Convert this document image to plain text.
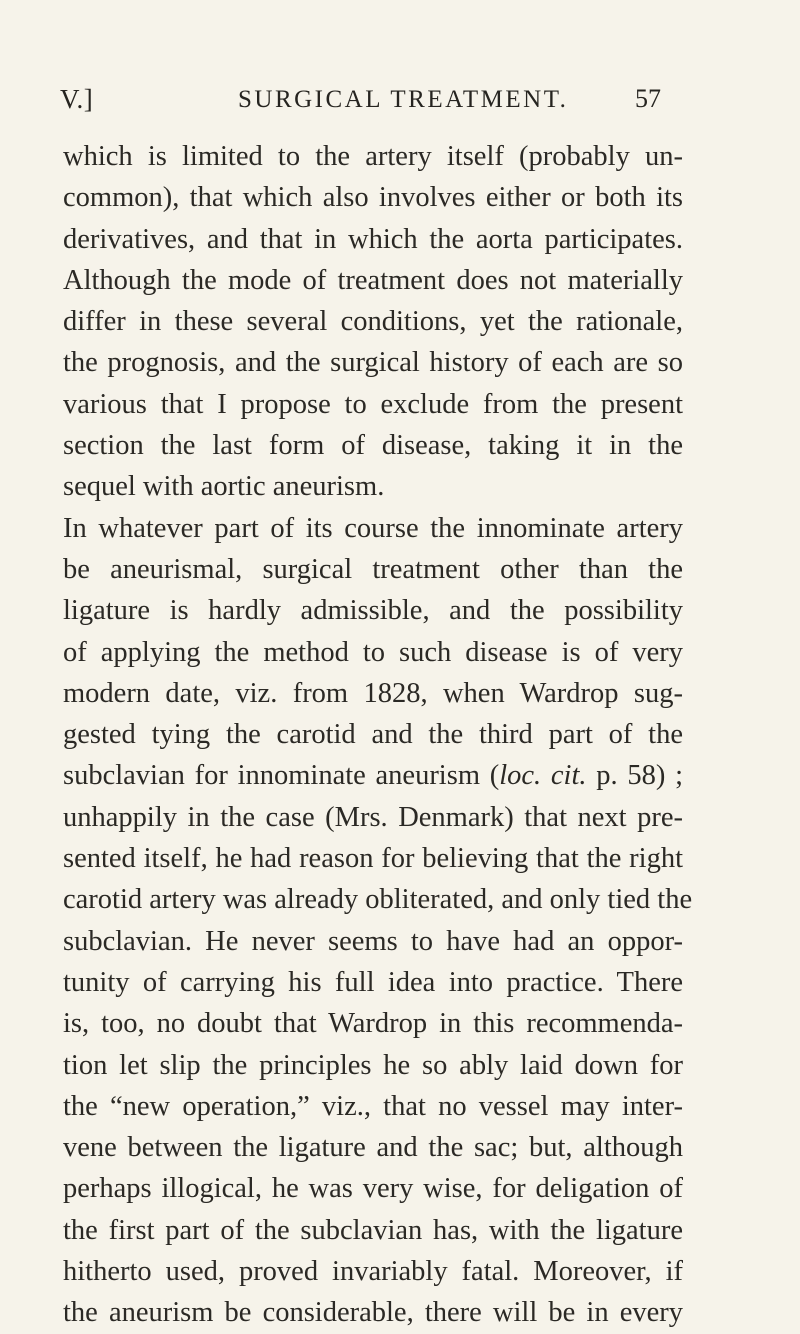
V.]	SURGICAL TREATMENT.	57
which is limited to the artery itself (probably un-
common), that which also involves either or both its
derivatives, and that in which the aorta participates.
Although the mode of treatment does not materially
differ in these several conditions, yet the rationale,
the prognosis, and the surgical history of each are so
various that I propose to exclude from the present
section the last form of disease, taking it in the
sequel with aortic aneurism.
In whatever part of its course the innominate artery
be aneurismal, surgical treatment other than the
ligature is hardly admissible, and the possibility
of applying the method to such disease is of very
modern date, viz. from 1828, when Wardrop sug-
gested tying the carotid and the third part of the
subclavian for innominate aneurism (loc. cit. p. 58) ;
unhappily in the case (Mrs. Denmark) that next pre-
sented itself, he had reason for believing that the right
carotid artery was already obliterated, and only tied the
subclavian. He never seems to have had an oppor-
tunity of carrying his full idea into practice. There
is, too, no doubt that Wardrop in this recommenda-
tion let slip the principles he so ably laid down for
the “new operation,” viz., that no vessel may inter-
vene between the ligature and the sac; but, although
perhaps illogical, he was very wise, for deligation of
the first part of the subclavian has, with the ligature
hitherto used, proved invariably fatal. Moreover, if
the aneurism be considerable, there will be in every
